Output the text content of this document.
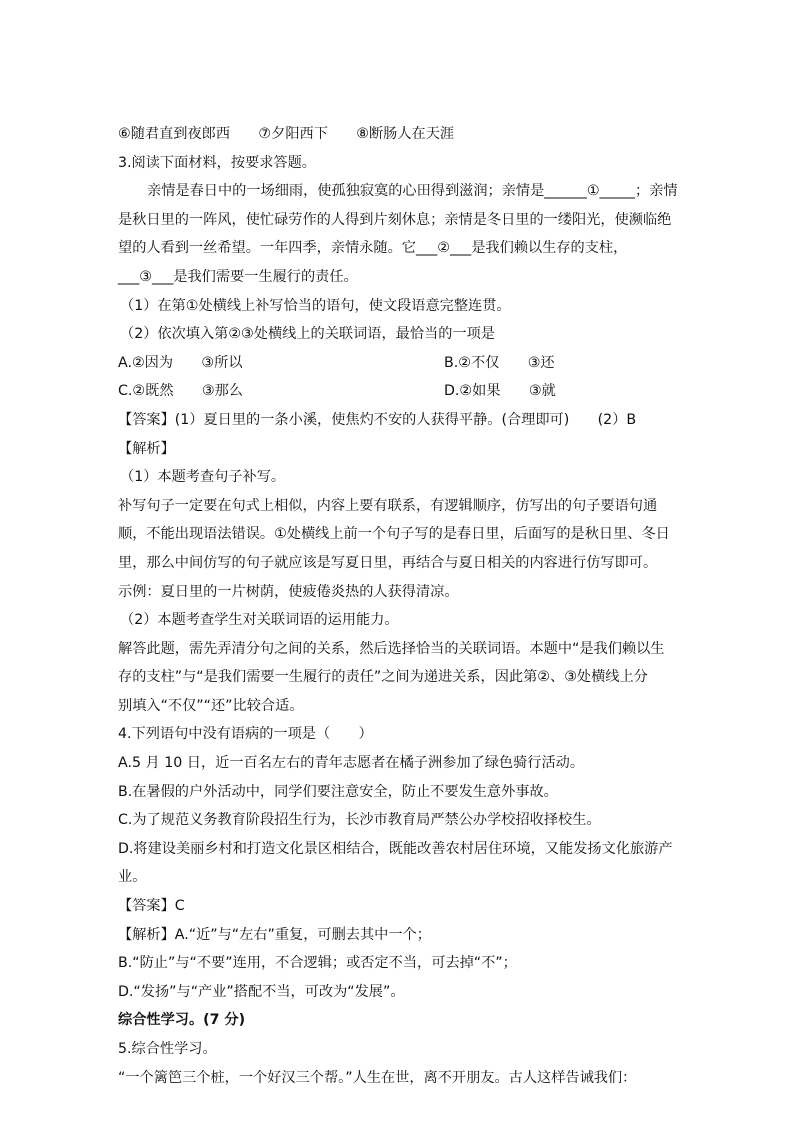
⑥随君直到夜郎西　　⑦夕阳西下　　⑧断肠人在天涯
3.阅读下面材料，按要求答题。
亲情是春日中的一场细雨，使孤独寂寞的心田得到滋润；亲情是______①_____；亲情
是秋日里的一阵风，使忙碌劳作的人得到片刻休息；亲情是冬日里的一缕阳光，使濒临绝
望的人看到一丝希望。一年四季，亲情永随。它___②___是我们赖以生存的支柱，
___③___是我们需要一生履行的责任。
（1）在第①处横线上补写恰当的语句，使文段语意完整连贯。
（2）依次填入第②③处横线上的关联词语，最恰当的一项是
A.②因为　　③所以	B.②不仅　　③还
C.②既然　　③那么	D.②如果　　③就
【答案】(1）夏日里的一条小溪，使焦灼不安的人获得平静。(合理即可)　　(2）B
【解析】
（1）本题考查句子补写。
补写句子一定要在句式上相似，内容上要有联系，有逻辑顺序，仿写出的句子要语句通
顺，不能出现语法错误。①处横线上前一个句子写的是春日里，后面写的是秋日里、冬日
里，那么中间仿写的句子就应该是写夏日里，再结合与夏日相关的内容进行仿写即可。
示例：夏日里的一片树荫，使疲倦炎热的人获得清凉。
（2）本题考查学生对关联词语的运用能力。
解答此题，需先弄清分句之间的关系，然后选择恰当的关联词语。本题中“是我们赖以生
存的支柱”与“是我们需要一生履行的责任”之间为递进关系，因此第②、③处横线上分
别填入“不仅”“还”比较合适。
4.下列语句中没有语病的一项是（　　）
A.5 月 10 日，近一百名左右的青年志愿者在橘子洲参加了绿色骑行活动。
B.在暑假的户外活动中，同学们要注意安全，防止不要发生意外事故。
C.为了规范义务教育阶段招生行为，长沙市教育局严禁公办学校招收择校生。
D.将建设美丽乡村和打造文化景区相结合，既能改善农村居住环境，又能发扬文化旅游产
业。
【答案】C
【解析】A.“近”与“左右”重复，可删去其中一个；
B.“防止”与“不要”连用，不合逻辑；或否定不当，可去掉“不”；
D.“发扬”与“产业”搭配不当，可改为“发展”。
综合性学习。(7 分)
5.综合性学习。
“一个篱笆三个桩，一个好汉三个帮。”人生在世，离不开朋友。古人这样告诫我们：
